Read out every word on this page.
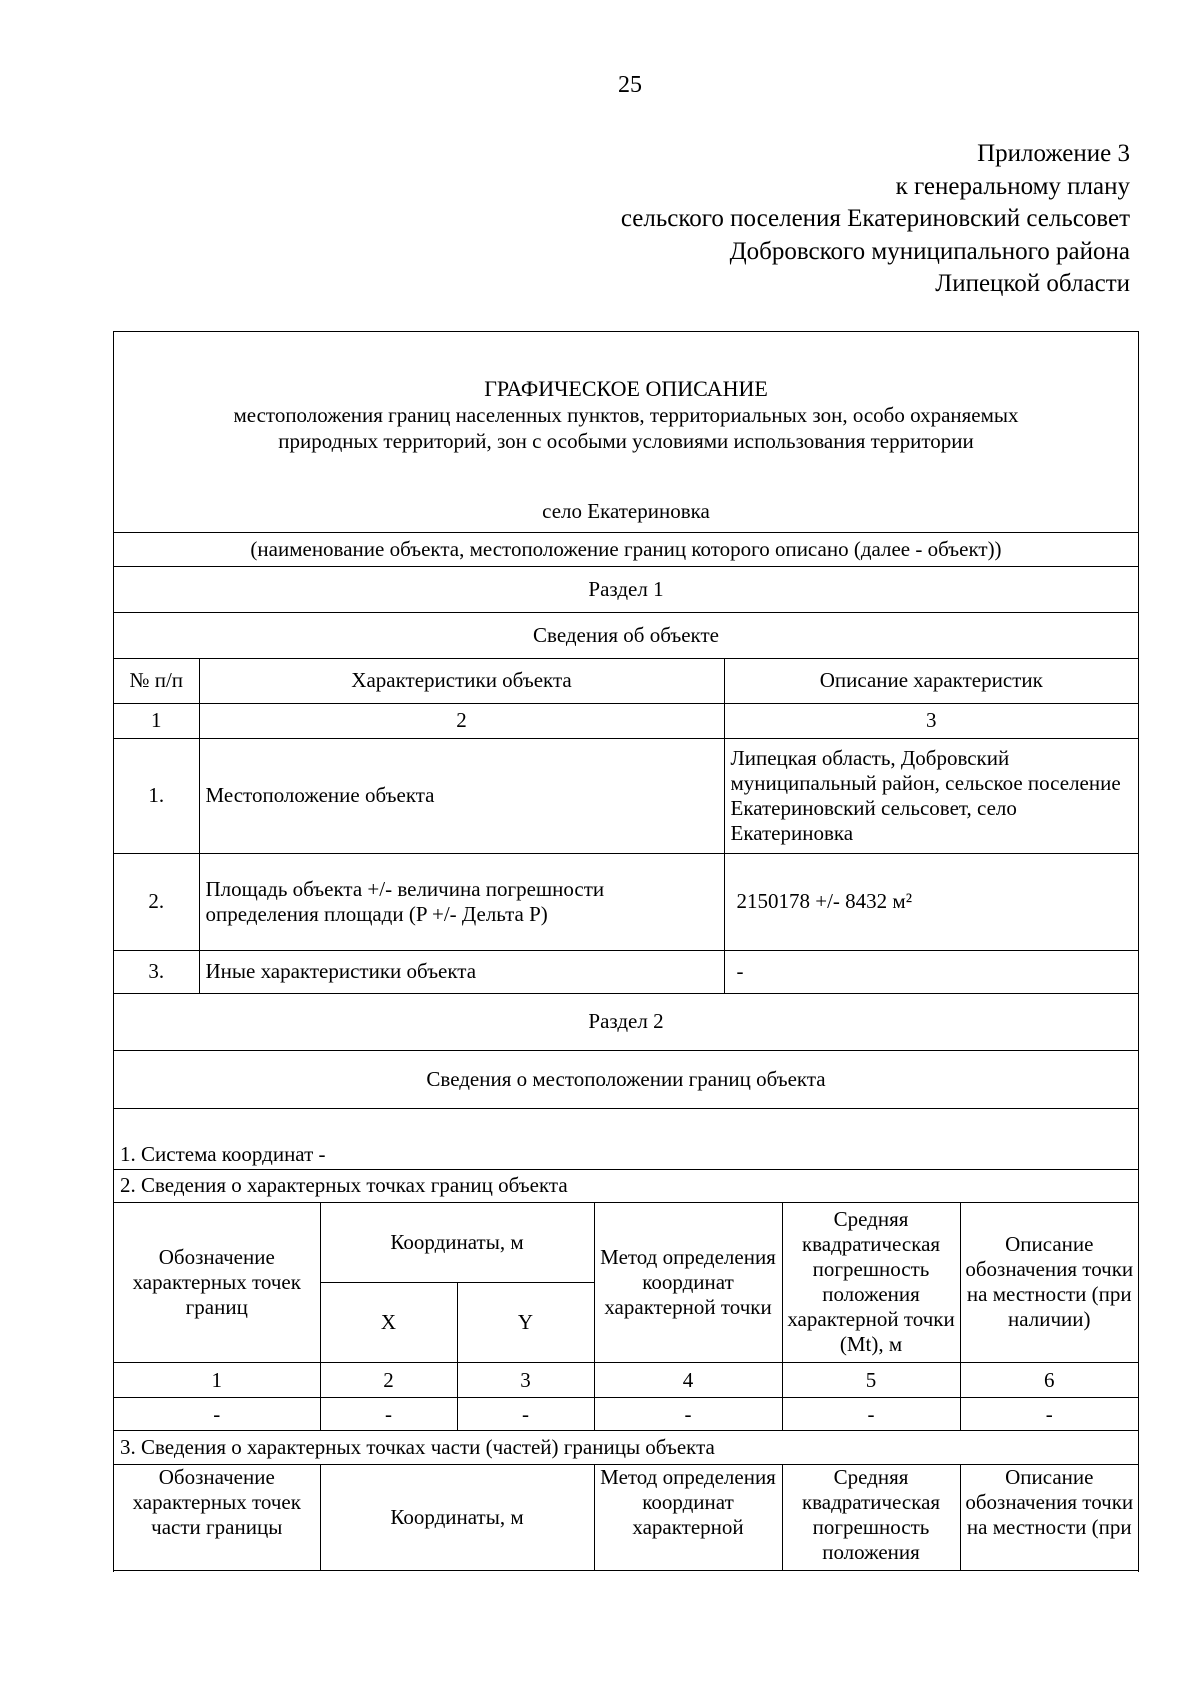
25
Приложение 3
к генеральному плану
сельского поселения Екатериновский сельсовет
Добровского муниципального района
Липецкой области
ГРАФИЧЕСКОЕ ОПИСАНИЕ
местоположения границ населенных пунктов, территориальных зон, особо охраняемых
природных территорий, зон с особыми условиями использования территории
село Екатериновка		

(наименование объекта, местоположение границ которого описано (далее - объект))		
Раздел 1		
Сведения об объекте		
№ п/п	Характеристики объекта	Описание характеристик
1	2	3
1.	Местоположение объекта	Липецкая область, Добровский муниципальный район, сельское поселение Екатериновский сельсовет, село Екатериновка
2.	Площадь объекта +/- величина погрешности определения площади (P +/- Дельта P)	2150178 +/- 8432 м²
3.	Иные характеристики объекта	-
Раздел 2		
Сведения о местоположении границ объекта		
1. Система координат -		
2. Сведения о характерных точках границ объекта		
Обозначение характерных точек границ	Координаты, м		Метод определения координат характерной точки	Средняя квадратическая погрешность положения характерной точки (Mt), м	Описание обозначения точки на местности (при наличии)
	X	Y			
1	2	3	4	5	6
-	-	-	-	-	-
3. Сведения о характерных точках части (частей) границы объекта					
Обозначение характерных точек части границы	Координаты, м		Метод определения координат характерной	Средняя квадратическая погрешность положения	Описание обозначения точки на местности (при
